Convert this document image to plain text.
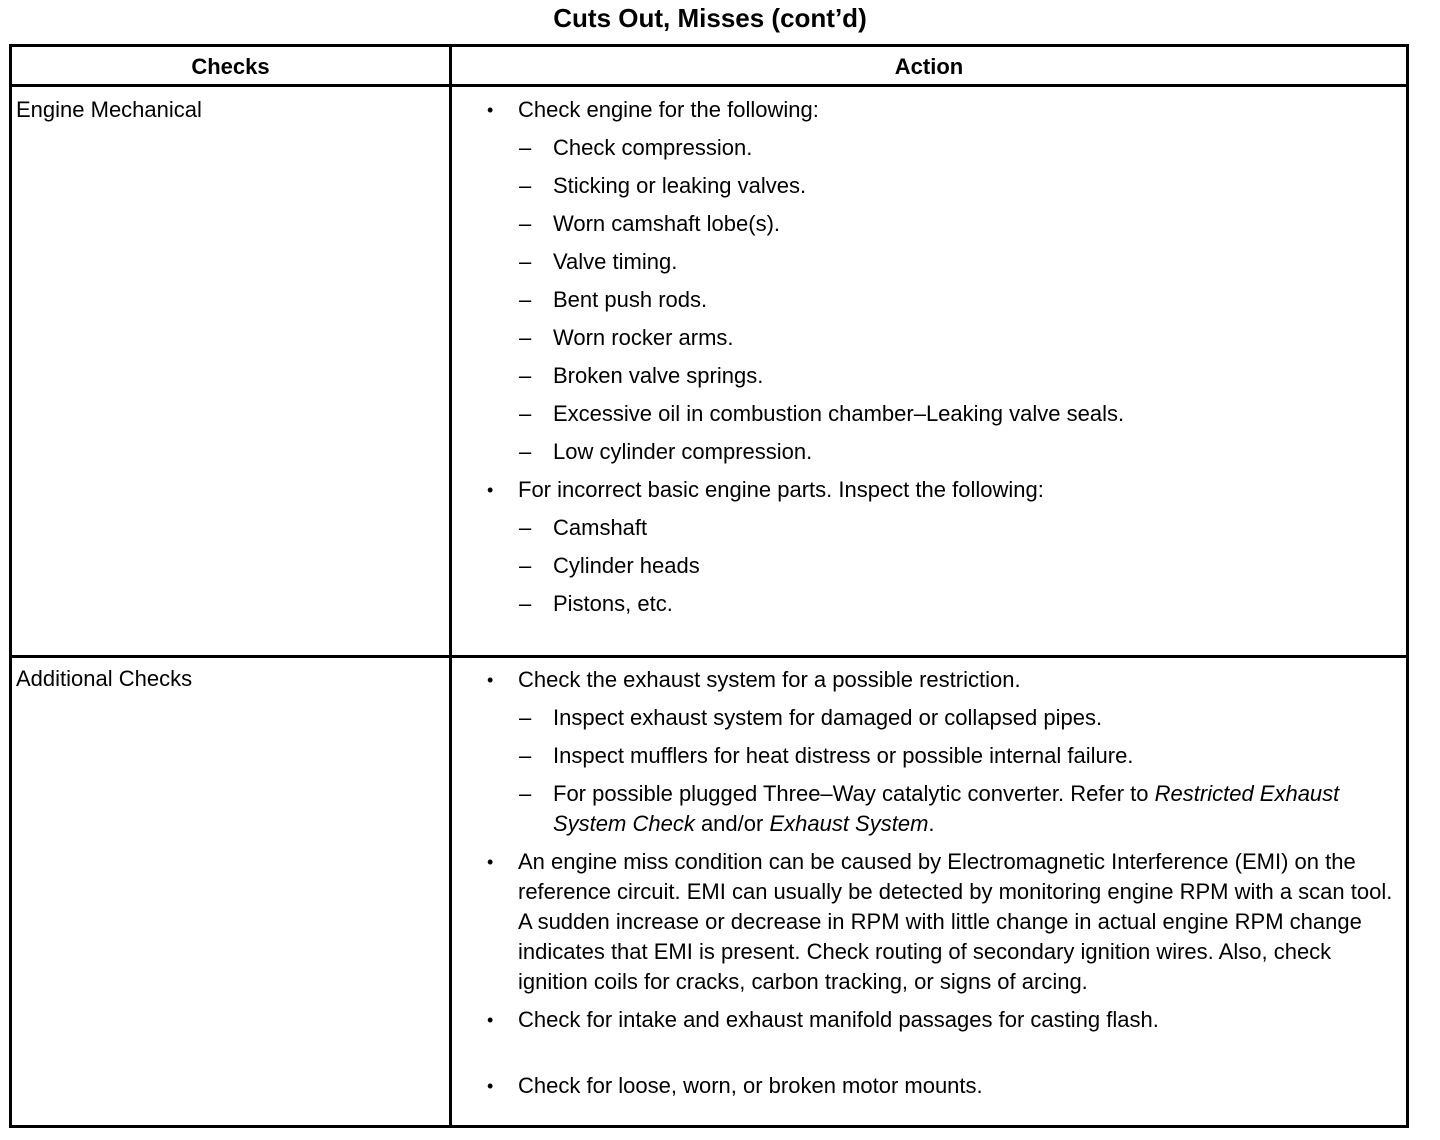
Cuts Out, Misses (cont’d)
Checks	Action
Engine Mechanical	• Check engine for the following:
– Check compression.
– Sticking or leaking valves.
– Worn camshaft lobe(s).
– Valve timing.
– Bent push rods.
– Worn rocker arms.
– Broken valve springs.
– Excessive oil in combustion chamber–Leaking valve seals.
– Low cylinder compression.
• For incorrect basic engine parts. Inspect the following:
– Camshaft
– Cylinder heads
– Pistons, etc.
Additional Checks	• Check the exhaust system for a possible restriction.
– Inspect exhaust system for damaged or collapsed pipes.
– Inspect mufflers for heat distress or possible internal failure.
– For possible plugged Three–Way catalytic converter. Refer to Restricted Exhaust System Check and/or Exhaust System.
• An engine miss condition can be caused by Electromagnetic Interference (EMI) on the reference circuit. EMI can usually be detected by monitoring engine RPM with a scan tool. A sudden increase or decrease in RPM with little change in actual engine RPM change indicates that EMI is present. Check routing of secondary ignition wires. Also, check ignition coils for cracks, carbon tracking, or signs of arcing.
• Check for intake and exhaust manifold passages for casting flash.
• Check for loose, worn, or broken motor mounts.
